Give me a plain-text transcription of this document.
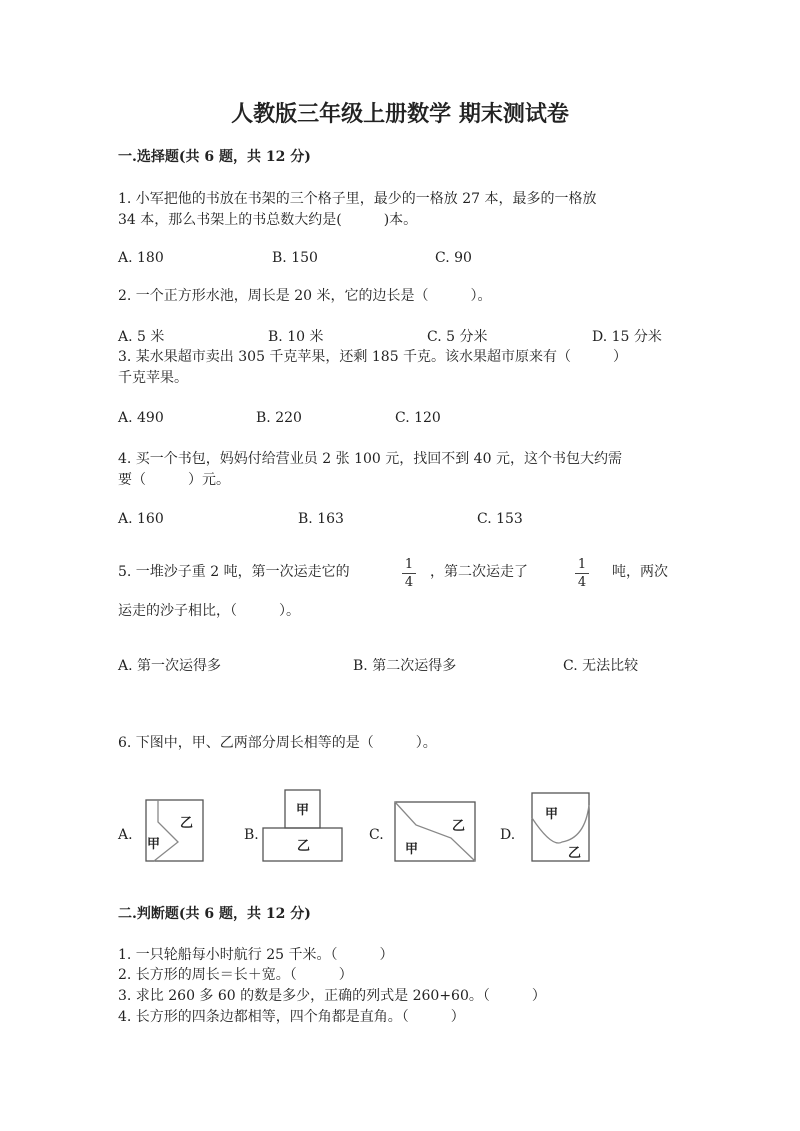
人教版三年级上册数学 期末测试卷
一.选择题(共 6 题，共 12 分)
1. 小军把他的书放在书架的三个格子里，最少的一格放 27 本，最多的一格放
34 本，那么书架上的书总数大约是(　　　)本。
A. 180	B. 150	C. 90
2. 一个正方形水池，周长是 20 米，它的边长是（　　　）。
A. 5 米	B. 10 米	C. 5 分米	D. 15 分米
3. 某水果超市卖出 305 千克苹果，还剩 185 千克。该水果超市原来有（　　　）
千克苹果。
A. 490	B. 220	C. 120
4. 买一个书包，妈妈付给营业员 2 张 100 元，找回不到 40 元，这个书包大约需
要（　　　）元。
A. 160	B. 163	C. 153
5. 一堆沙子重 2 吨，第一次运走它的	1
4
，第二次运走了	1
4
吨，两次
运走的沙子相比，（　　　）。
A. 第一次运得多	B. 第二次运得多	C. 无法比较
6. 下图中，甲、乙两部分周长相等的是（　　　）。
A.	B.	C.	D.
甲
乙
甲
乙
乙
甲
甲
乙
二.判断题(共 6 题，共 12 分)
1. 一只轮船每小时航行 25 千米。（　　　）
2. 长方形的周长＝长＋宽。（　　　）
3. 求比 260 多 60 的数是多少，正确的列式是 260+60。（　　　）
4. 长方形的四条边都相等，四个角都是直角。（　　　）
